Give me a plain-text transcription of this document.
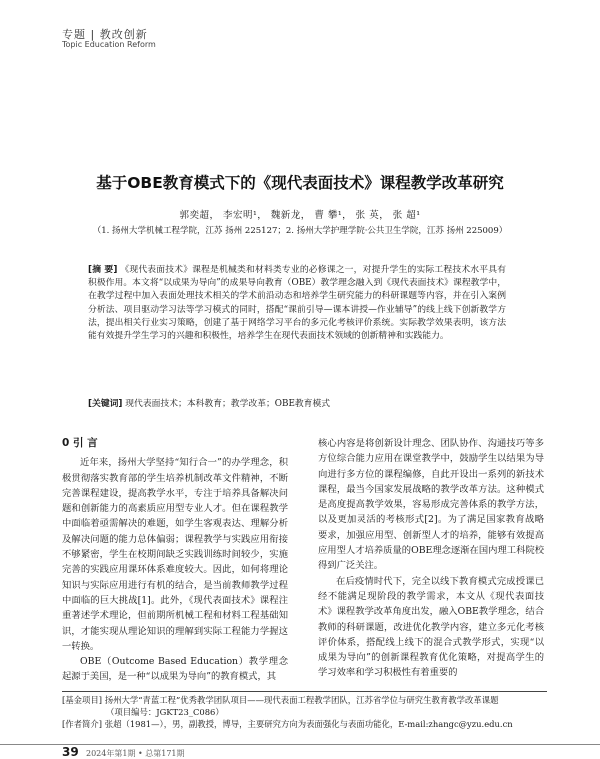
专题 | 教改创新
Topic Education Reform
基于OBE教育模式下的《现代表面技术》课程教学改革研究
郭奕超， 李宏明¹， 魏新龙， 曹 攀¹， 张 英， 张 超¹
（1. 扬州大学机械工程学院，江苏 扬州 225127；2. 扬州大学护理学院·公共卫生学院，江苏 扬州 225009）
[摘 要] 《现代表面技术》课程是机械类和材料类专业的必修课之一，对提升学生的实际工程技术水平具有积极作用。本文将“以成果为导向”的成果导向教育（OBE）教学理念融入到《现代表面技术》课程教学中，在教学过程中加入表面处理技术相关的学术前沿动态和培养学生研究能力的科研课题等内容，并在引入案例分析法、项目驱动学习法等学习模式的同时，搭配“课前引导—课本讲授—作业辅导”的线上线下创新教学方法，提出相关行业实习策略，创建了基于网络学习平台的多元化考核评价系统。实际教学效果表明，该方法能有效提升学生学习的兴趣和积极性，培养学生在现代表面技术领域的创新精神和实践能力。
[关键词] 现代表面技术；本科教育；教学改革；OBE教育模式
0 引 言

近年来，扬州大学坚持“知行合一”的办学理念，积极贯彻落实教育部的学生培养机制改革文件精神，不断完善课程建设，提高教学水平，专注于培养具备解决问题和创新能力的高素质应用型专业人才。但在课程教学中面临着亟需解决的难题，如学生客观表达、理解分析及解决问题的能力总体偏弱；课程教学与实践应用衔接不够紧密，学生在校期间缺乏实践训练时间较少，实施完善的实践应用课环体系难度较大。因此，如何将理论知识与实际应用进行有机的结合，是当前教师教学过程中面临的巨大挑战[1]。此外，《现代表面技术》课程注重著述学术理论，但前期所机械工程和材料工程基础知识，才能实现从理论知识的理解到实际工程能力学握这一转换。

OBE（Outcome Based Education）教学理念起源于美国，是一种“以成果为导向”的教育模式，其

核心内容是将创新设计理念、团队协作、沟通技巧等多方位综合能力应用在课堂教学中，鼓励学生以结果为导向进行多方位的课程编修，自此开设出一系列的新技术课程，最当今国家发展战略的教学改革方法。这种模式是高度提高教学效果，容易形成完善体系的教学方法，以及更加灵活的考核形式[2]。为了满足国家教育战略要求，加强应用型、创新型人才的培养，能够有效提高应用型人才培养质量的OBE理念逐渐在国内理工科院校得到广泛关注。

在后疫情时代下，完全以线下教育模式完成授课已经不能满足现阶段的教学需求，本文从《现代表面技术》课程教学改革角度出发，融入OBE教学理念，结合教师的科研课题，改进优化教学内容，建立多元化考核评价体系，搭配线上线下的混合式教学形式，实现“以成果为导向”的创新课程教育优化策略，对提高学生的学习效率和学习积极性有着重要的

[基金项目] 扬州大学“青蓝工程”优秀教学团队项目——现代表面工程教学团队，江苏省学位与研究生教育教学改革课题
（项目编号：JGKT23_C086）
[作者简介] 张超（1981—），男，副教授，博导，主要研究方向为表面强化与表面功能化，E-mail:zhangc@yzu.edu.cn
39 2024年第1期 • 总第171期
